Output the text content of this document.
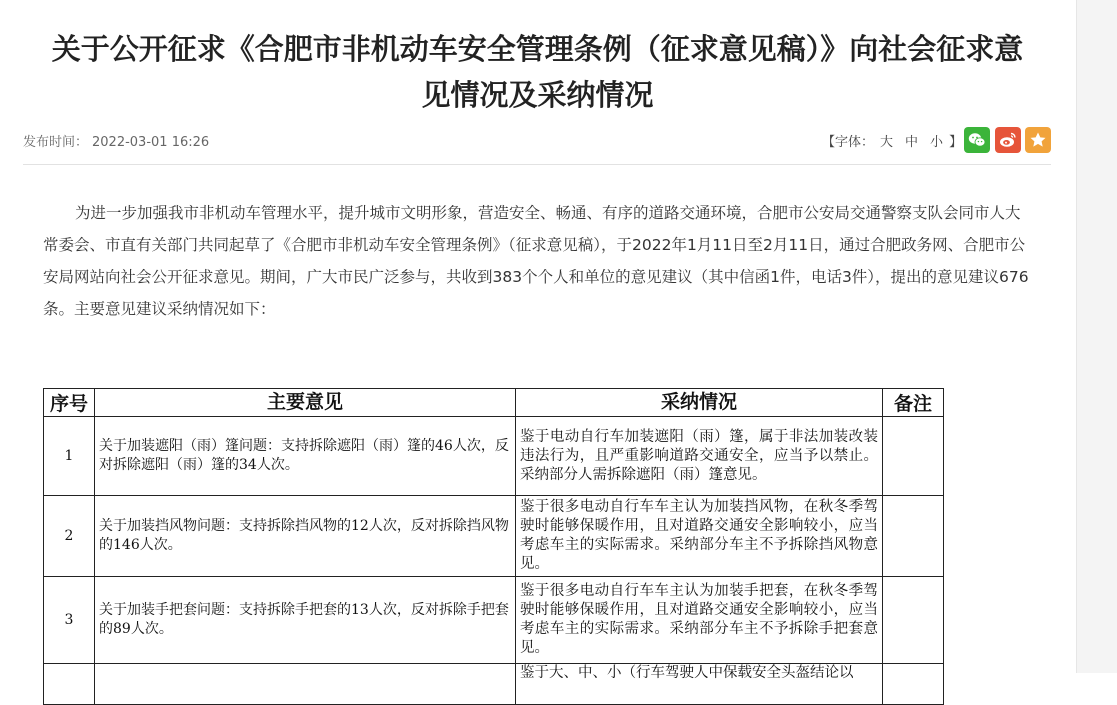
关于公开征求《合肥市非机动车安全管理条例（征求意见稿）》向社会征求意见情况及采纳情况
发布时间： 2022-03-01 16:26	【字体： 大 中 小 】

为进一步加强我市非机动车管理水平，提升城市文明形象，营造安全、畅通、有序的道路交通环境，合肥市公安局交通警察支队会同市人大常委会、市直有关部门共同起草了《合肥市非机动车安全管理条例》（征求意见稿），于2022年1月11日至2月11日，通过合肥政务网、合肥市公安局网站向社会公开征求意见。期间，广大市民广泛参与，共收到383个个人和单位的意见建议（其中信函1件，电话3件），提出的意见建议676条。主要意见建议采纳情况如下：

序号	主要意见	采纳情况	备注
1	关于加装遮阳（雨）篷问题：支持拆除遮阳（雨）篷的46人次，反对拆除遮阳（雨）篷的34人次。	鉴于电动自行车加装遮阳（雨）篷，属于非法加装改装违法行为，且严重影响道路交通安全，应当予以禁止。采纳部分人需拆除遮阳（雨）篷意见。	

2	关于加装挡风物问题：支持拆除挡风物的12人次，反对拆除挡风物的146人次。	鉴于很多电动自行车车主认为加装挡风物，在秋冬季驾驶时能够保暖作用，且对道路交通安全影响较小，应当考虑车主的实际需求。采纳部分车主不予拆除挡风物意见。	

3	关于加装手把套问题：支持拆除手把套的13人次，反对拆除手把套的89人次。	鉴于很多电动自行车车主认为加装手把套，在秋冬季驾驶时能够保暖作用，且对道路交通安全影响较小，应当考虑车主的实际需求。采纳部分车主不予拆除手把套意见。	

		鉴于大、中、小（行车驾驶人中保载安全头盔结论以	
